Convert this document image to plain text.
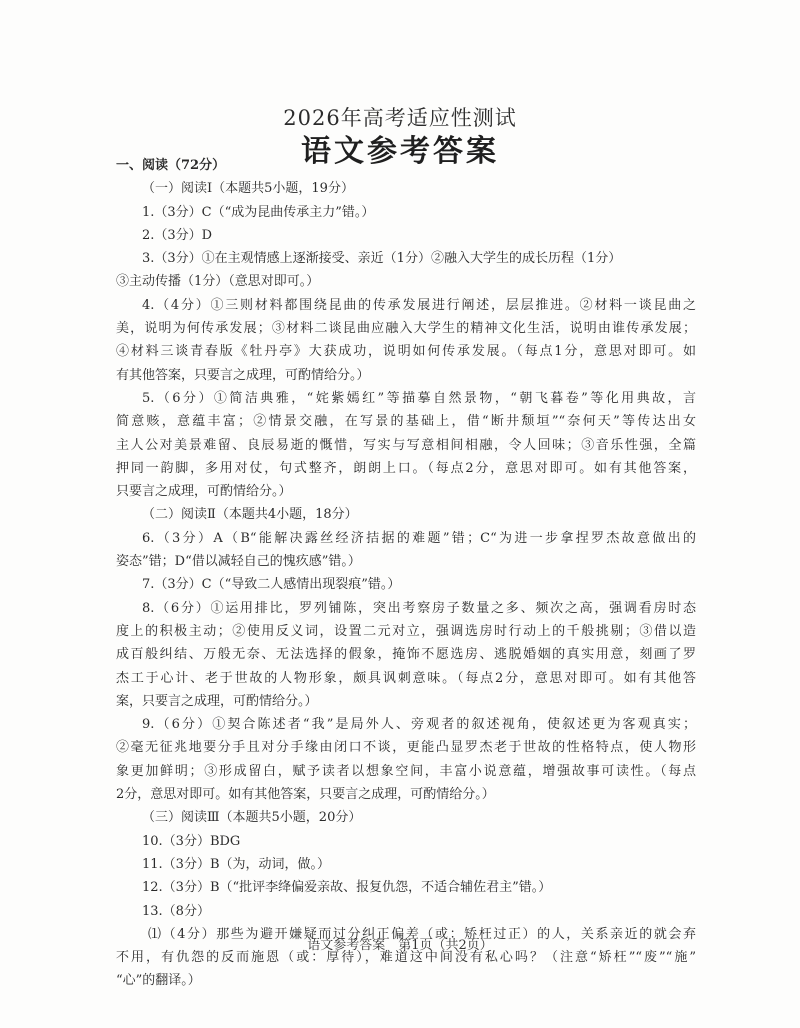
2026年高考适应性测试
语文参考答案
一、阅读（72分）
（一）阅读Ⅰ（本题共5小题，19分）
1.（3分）C（“成为昆曲传承主力”错。）
2.（3分）D
3.（3分）①在主观情感上逐渐接受、亲近（1分）②融入大学生的成长历程（1分）
③主动传播（1分）（意思对即可。）
4.（4分）①三则材料都围绕昆曲的传承发展进行阐述，层层推进。②材料一谈昆曲之
美，说明为何传承发展；③材料二谈昆曲应融入大学生的精神文化生活，说明由谁传承发展；
④材料三谈青春版《牡丹亭》大获成功，说明如何传承发展。（每点1分，意思对即可。如
有其他答案，只要言之成理，可酌情给分。）
5.（6分）①简洁典雅，“姹紫嫣红”等描摹自然景物，“朝飞暮卷”等化用典故，言
简意赅，意蕴丰富；②情景交融，在写景的基础上，借“断井颓垣”“奈何天”等传达出女
主人公对美景难留、良辰易逝的慨惜，写实与写意相间相融，令人回味；③音乐性强，全篇
押同一韵脚，多用对仗，句式整齐，朗朗上口。（每点2分，意思对即可。如有其他答案，
只要言之成理，可酌情给分。）
（二）阅读Ⅱ（本题共4小题，18分）
6.（3分）A（B“能解决露丝经济拮据的难题”错；C“为进一步拿捏罗杰故意做出的
姿态”错；D“借以减轻自己的愧疚感”错。）
7.（3分）C（“导致二人感情出现裂痕”错。）
8.（6分）①运用排比，罗列铺陈，突出考察房子数量之多、频次之高，强调看房时态
度上的积极主动；②使用反义词，设置二元对立，强调选房时行动上的千般挑剔；③借以造
成百般纠结、万般无奈、无法选择的假象，掩饰不愿选房、逃脱婚姻的真实用意，刻画了罗
杰工于心计、老于世故的人物形象，颇具讽刺意味。（每点2分，意思对即可。如有其他答
案，只要言之成理，可酌情给分。）
9.（6分）①契合陈述者“我”是局外人、旁观者的叙述视角，使叙述更为客观真实；
②毫无征兆地要分手且对分手缘由闭口不谈，更能凸显罗杰老于世故的性格特点，使人物形
象更加鲜明；③形成留白，赋予读者以想象空间，丰富小说意蕴，增强故事可读性。（每点
2分，意思对即可。如有其他答案，只要言之成理，可酌情给分。）
（三）阅读Ⅲ（本题共5小题，20分）
10.（3分）BDG
11.（3分）B（为，动词，做。）
12.（3分）B（“批评李绛偏爱亲故、报复仇怨，不适合辅佐君主”错。）
13.（8分）
⑴（4分）那些为避开嫌疑而过分纠正偏差（或：矫枉过正）的人，关系亲近的就会弃
不用，有仇怨的反而施恩（或：厚待），难道这中间没有私心吗？（注意“矫枉”“废”“施”
“心”的翻译。）
语文参考答案　第1页（共2页）
